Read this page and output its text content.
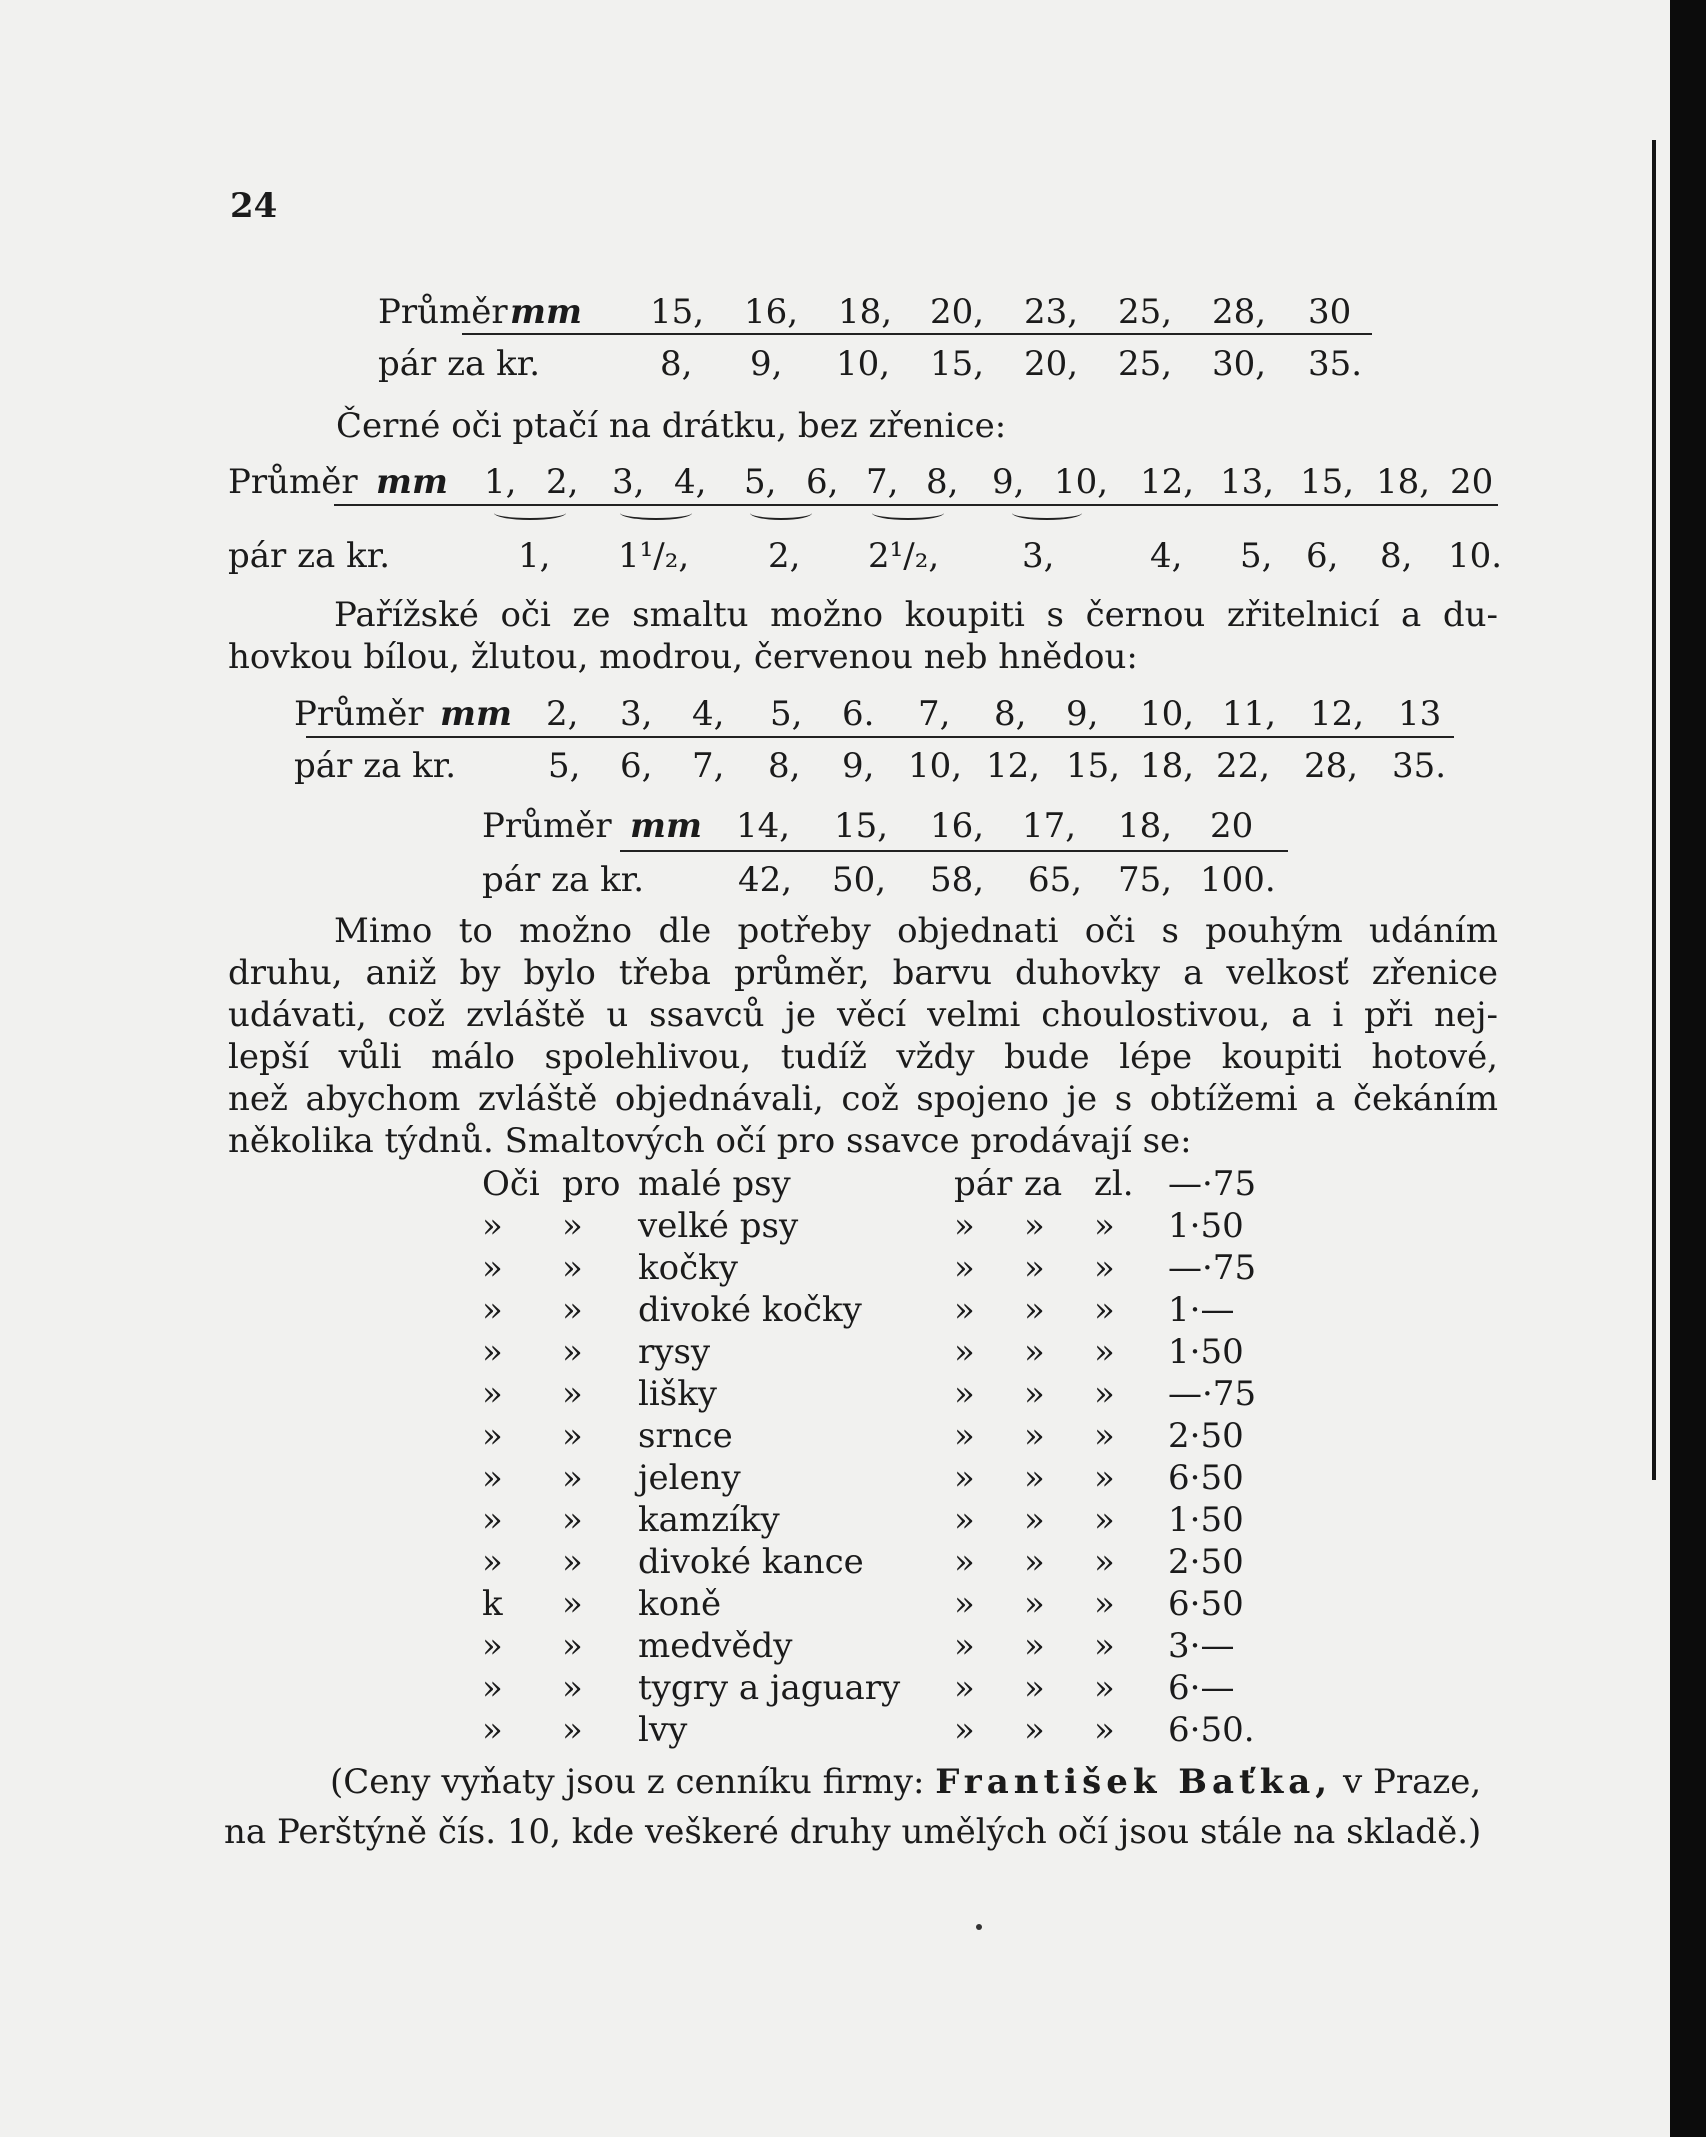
24
Průměr mm 15, 16, 18, 20, 23, 25, 28, 30
pár za kr.	8, 9, 10, 15, 20, 25, 30, 35.
Černé oči ptačí na drátku, bez zřenice:
Průměr mm 1, 2, 3, 4, 5, 6, 7, 8, 9, 10, 12, 13, 15, 18, 20
pár za kr.	1, 1¹/₂, 2, 2¹/₂, 3,	4, 5, 6, 8, 10.
Pařížské oči ze smaltu možno koupiti s černou zřitelnicí a du-
hovkou bílou, žlutou, modrou, červenou neb hnědou:
Průměr mm 2, 3, 4, 5, 6. 7, 8, 9, 10, 11, 12, 13
pár za kr.	5, 6, 7, 8, 9, 10, 12, 15, 18, 22, 28, 35.
Průměr mm 14, 15, 16, 17, 18, 20
pár za kr.	42, 50, 58, 65, 75, 100.
Mimo to možno dle potřeby objednati oči s pouhým udáním
druhu, aniž by bylo třeba průměr, barvu duhovky a velkosť zřenice
udávati, což zvláště u ssavců je věcí velmi choulostivou, a i při nej-
lepší vůli málo spolehlivou, tudíž vždy bude lépe koupiti hotové,
než abychom zvláště objednávali, což spojeno je s obtížemi a čekáním
několika týdnů. Smaltových očí pro ssavce prodávají se:
Oči pro malé psy	pár za zl. —·75
» » velké psy	» » » 1·50
» » kočky	» » » —·75
» » divoké kočky	» » » 1·—
» » rysy	» » » 1·50
» » lišky	» » » —·75
» » srnce	» » » 2·50
» » jeleny	» » » 6·50
» » kamzíky	» » » 1·50
» » divoké kance	» » » 2·50
k » koně	» » » 6·50
» » medvědy	» » » 3·—
» » tygry a jaguary » » » 6·—
» » lvy	» » » 6·50.
(Ceny vyňaty jsou z cenníku firmy: František Baťka, v Praze,
na Perštýně čís. 10, kde veškeré druhy umělých očí jsou stále na skladě.)
